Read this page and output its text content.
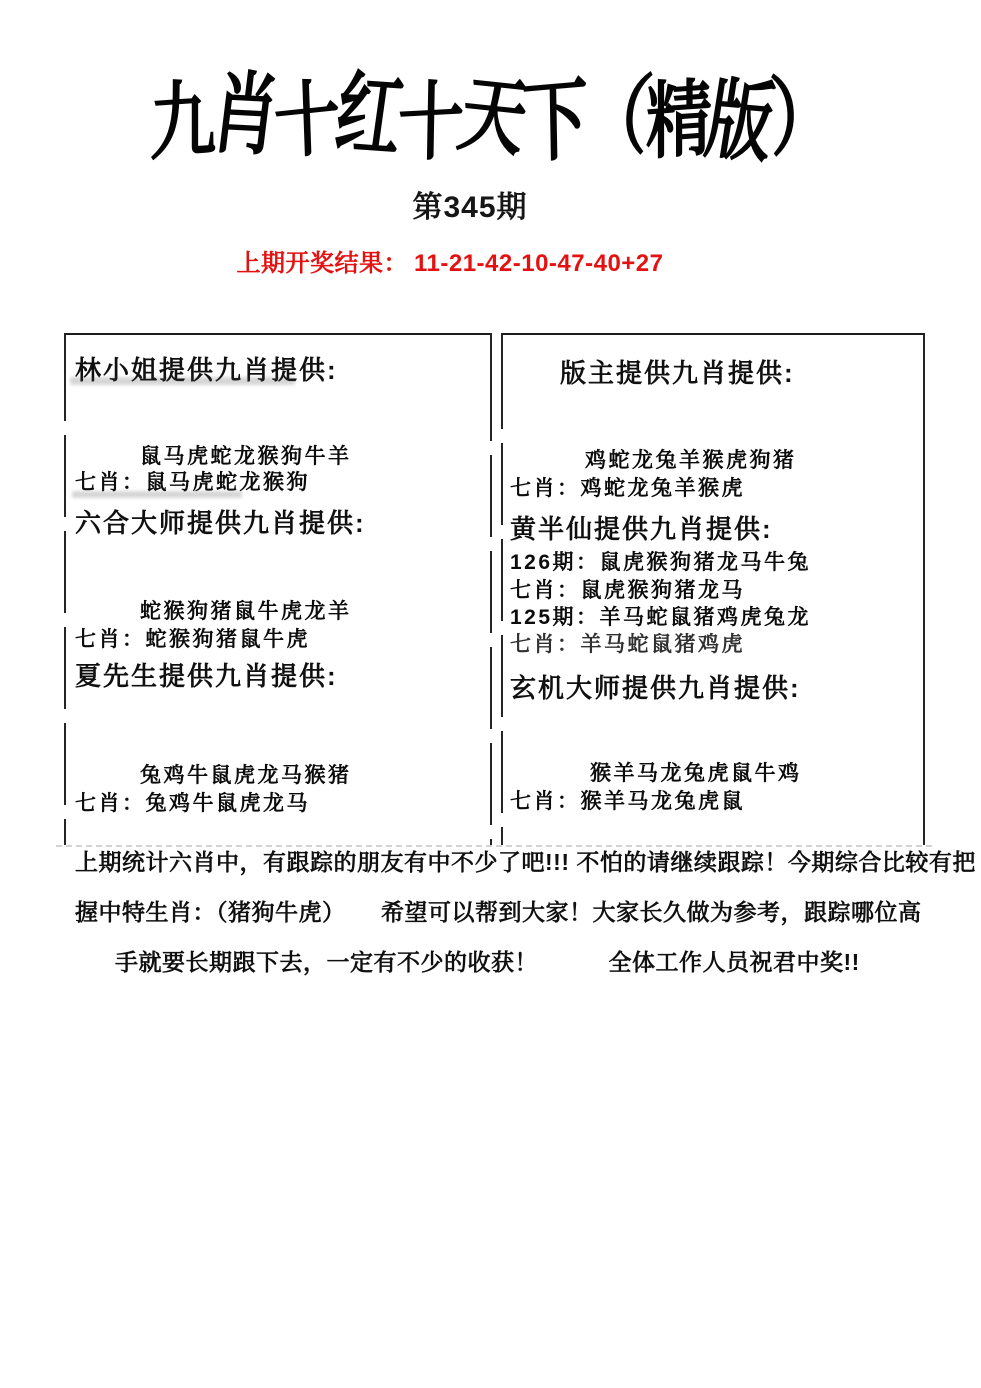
九
肖
十
红
十
天
下
（
精
版
）
第345期
上期开奖结果： 11-21-42-10-47-40+27
林小姐提供九肖提供:
鼠马虎蛇龙猴狗牛羊
七肖：鼠马虎蛇龙猴狗
六合大师提供九肖提供:
蛇猴狗猪鼠牛虎龙羊
七肖：蛇猴狗猪鼠牛虎
夏先生提供九肖提供:
兔鸡牛鼠虎龙马猴猪
七肖：兔鸡牛鼠虎龙马
版主提供九肖提供:
鸡蛇龙兔羊猴虎狗猪
七肖：鸡蛇龙兔羊猴虎
黄半仙提供九肖提供:
126期：鼠虎猴狗猪龙马牛兔
七肖：鼠虎猴狗猪龙马
125期：羊马蛇鼠猪鸡虎兔龙
七肖：羊马蛇鼠猪鸡虎
玄机大师提供九肖提供:
猴羊马龙兔虎鼠牛鸡
七肖：猴羊马龙兔虎鼠
上期统计六肖中，有跟踪的朋友有中不少了吧!!! 不怕的请继续跟踪！今期综合比较有把
握中特生肖：（猪狗牛虎）　　希望可以帮到大家！大家长久做为参考，跟踪哪位高
手就要长期跟下去，一定有不少的收获！　　　全体工作人员祝君中奖!!
